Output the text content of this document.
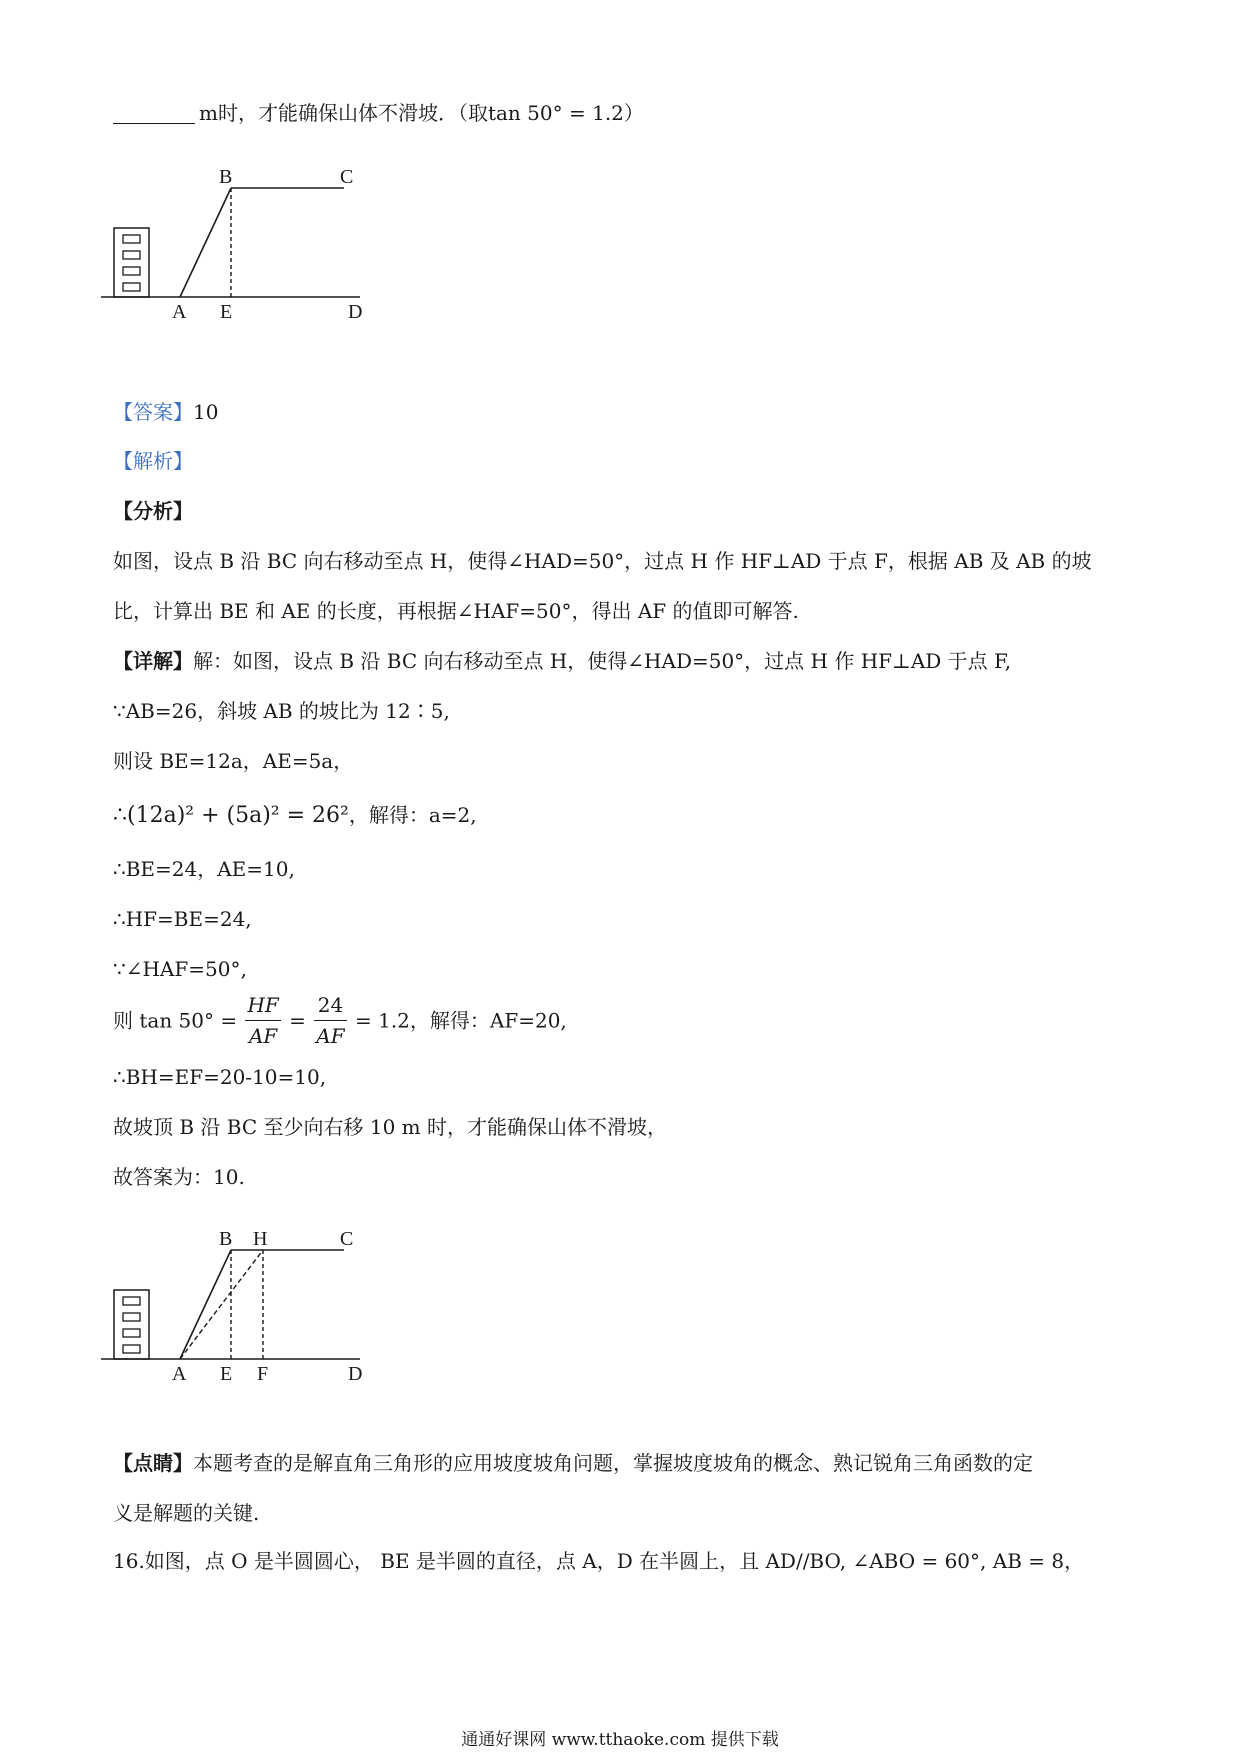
m时，才能确保山体不滑坡．（取tan 50° = 1.2）
B	C
A E	D
【答案】10
【解析】
【分析】
如图，设点 B 沿 BC 向右移动至点 H，使得∠HAD=50°，过点 H 作 HF⊥AD 于点 F，根据 AB 及 AB 的坡
比，计算出 BE 和 AE 的长度，再根据∠HAF=50°，得出 AF 的值即可解答.
【详解】解：如图，设点 B 沿 BC 向右移动至点 H，使得∠HAD=50°，过点 H 作 HF⊥AD 于点 F,
∵AB=26，斜坡 AB 的坡比为 12∶5,
则设 BE=12a，AE=5a，
∴(12a)² + (5a)² = 26²，解得：a=2,
∴BE=24，AE=10,
∴HF=BE=24,
∵∠HAF=50°,
则 $\tan 50^\circ = \frac{HF}{AF} = \frac{24}{AF} = 1.2$，解得：AF=20,
∴BH=EF=20-10=10,
故坡顶 B 沿 BC 至少向右移 10 m 时，才能确保山体不滑坡，
故答案为：10.
B H	C
A E F	D
【点睛】本题考查的是解直角三角形的应用坡度坡角问题，掌握坡度坡角的概念、熟记锐角三角函数的定
义是解题的关键.
16.如图，点 O 是半圆圆心， BE 是半圆的直径，点 A，D 在半圆上，且 AD//BO, ∠ABO = 60°, AB = 8，
通通好课网 www.tthaoke.com 提供下载
